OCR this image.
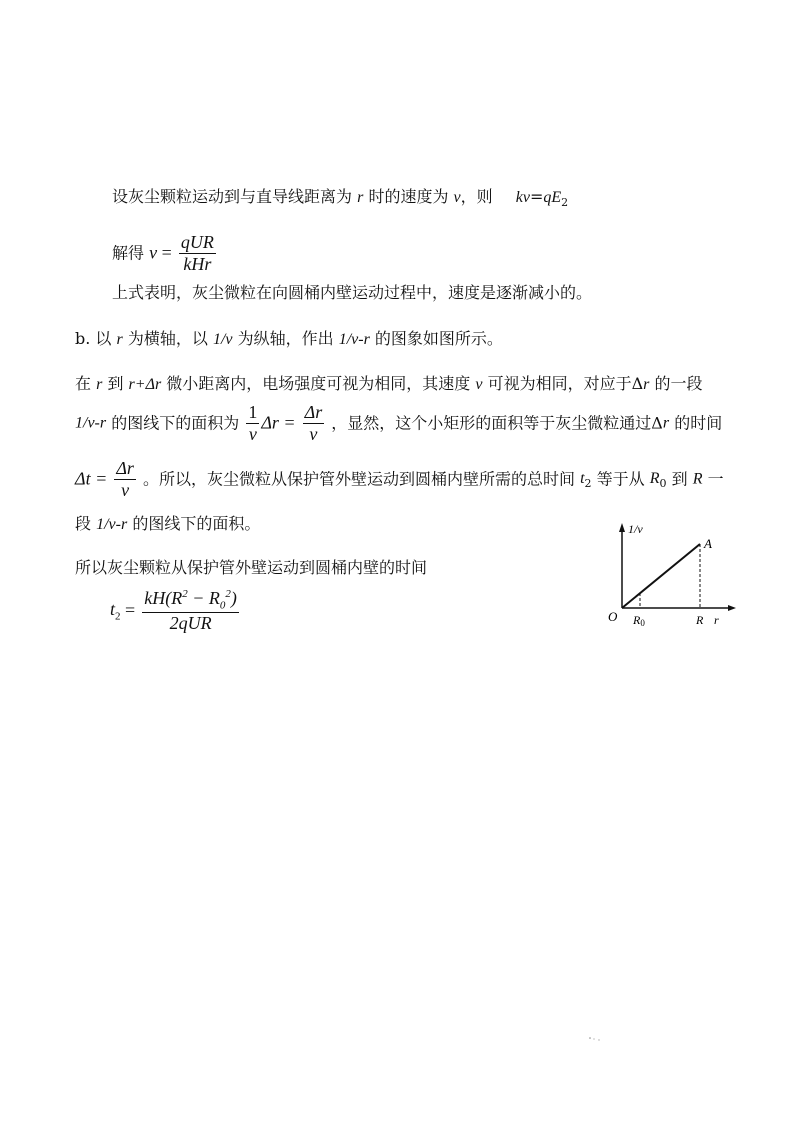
设灰尘颗粒运动到与直导线距离为 r 时的速度为 v，则 $kv=qE_2$
解得 $v = \frac{\text{qUR}}{\text{kHr}}$
上式表明，灰尘微粒在向圆桶内壁运动过程中，速度是逐渐减小的。
b. 以 r 为横轴，以 1/v 为纵轴，作出 1/v-r 的图象如图所示。
在 r 到 r+Δr 微小距离内，电场强度可视为相同，其速度 v 可视为相同，对应于Δr 的一段
1/v-r 的图线下的面积为 $\frac{1}{v}$ $\Delta r = \frac{\Delta r}{v}$ ，显然，这个小矩形的面积等于灰尘微粒通过Δr 的时间
$\Delta t = \frac{\Delta r}{v}$ 。所以，灰尘微粒从保护管外壁运动到圆桶内壁所需的总时间 $t_2$ 等于从 $R_0$ 到 R 一
段 1/v-r 的图线下的面积。
所以灰尘颗粒从保护管外壁运动到圆桶内壁的时间
$t_2 = \frac{kH(R^2 - R_0^2)}{\text{2qUR}}$
1/v
A
O R0	R r
